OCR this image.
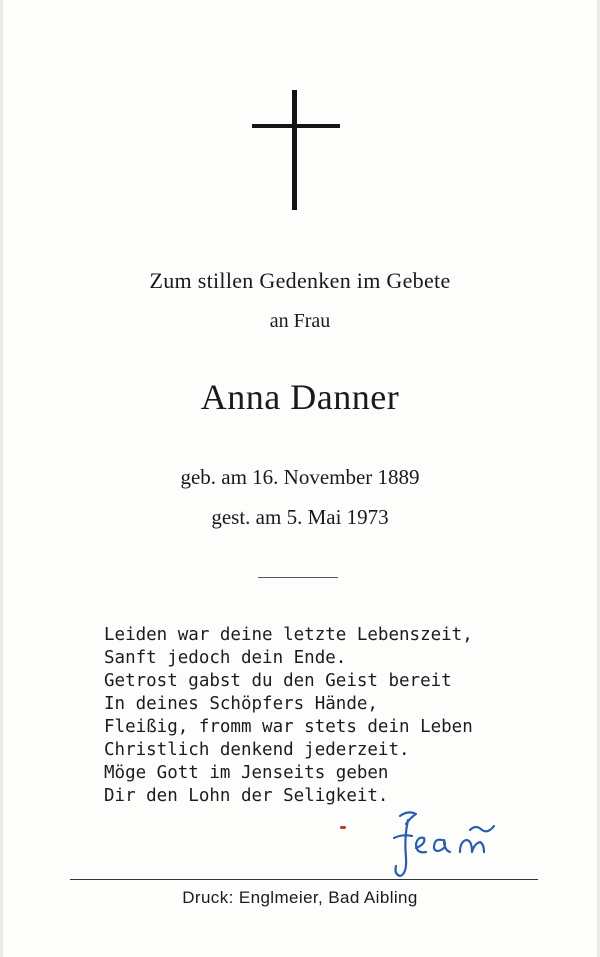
Zum stillen Gedenken im Gebete
an Frau
Anna Danner
geb. am 16. November 1889
gest. am 5. Mai 1973
Leiden war deine letzte Lebenszeit,
Sanft jedoch dein Ende.
Getrost gabst du den Geist bereit
In deines Schöpfers Hände,
Fleißig, fromm war stets dein Leben
Christlich denkend jederzeit.
Möge Gott im Jenseits geben
Dir den Lohn der Seligkeit.
Druck: Englmeier, Bad Aibling
